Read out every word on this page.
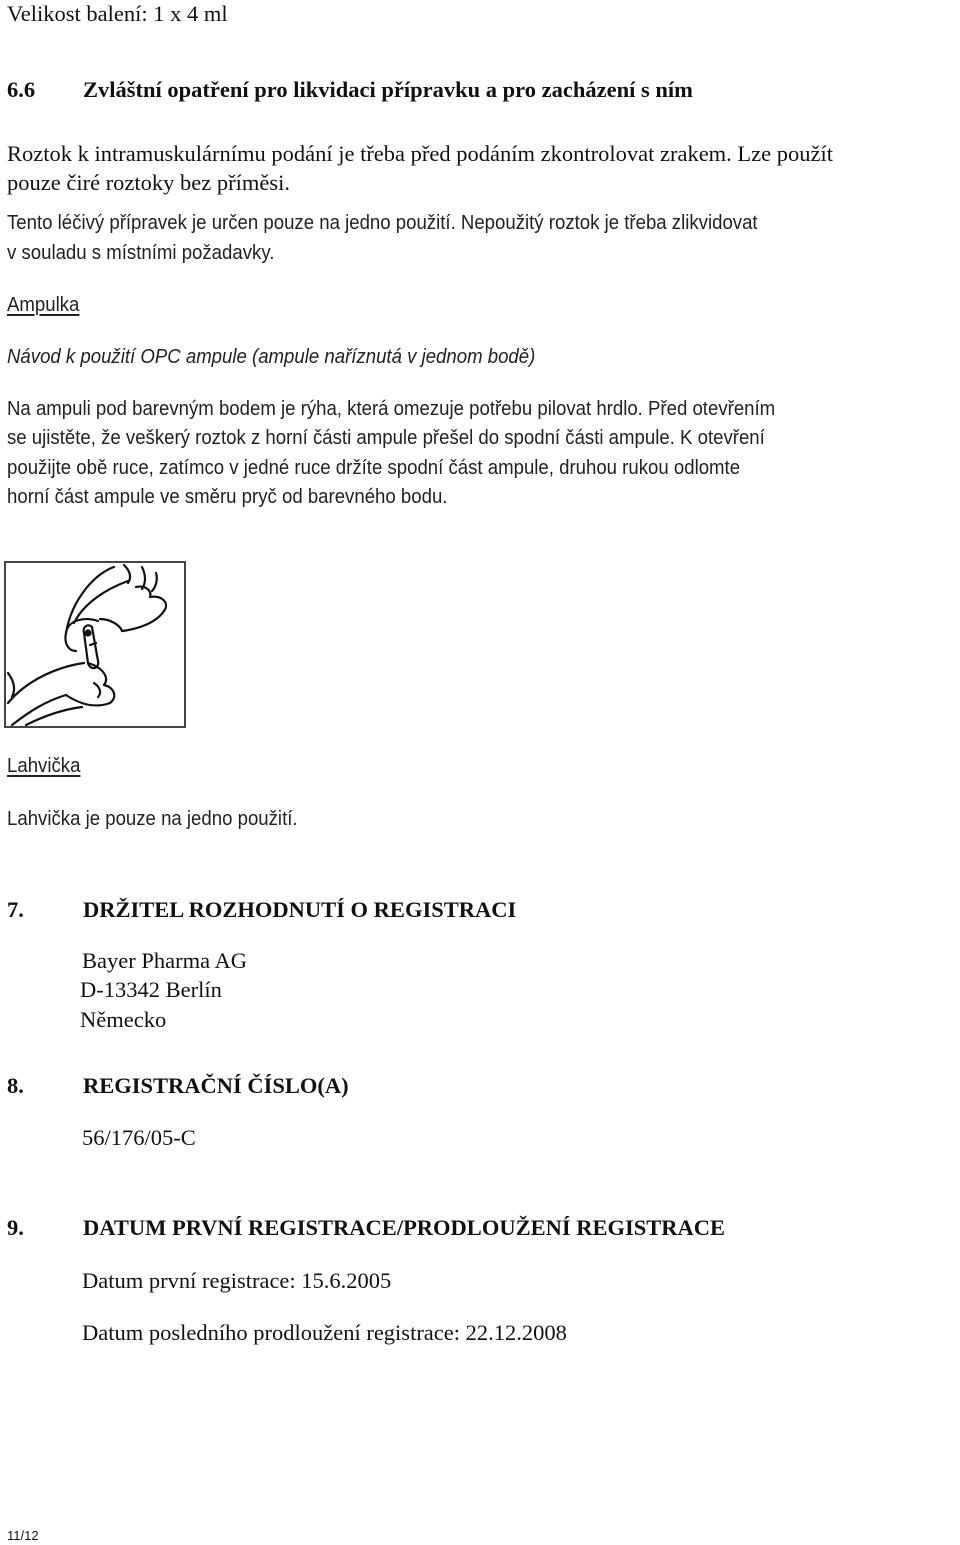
Velikost balení: 1 x 4 ml
6.6 Zvláštní opatření pro likvidaci přípravku a pro zacházení s ním
Roztok k intramuskulárnímu podání je třeba před podáním zkontrolovat zrakem. Lze použít
pouze čiré roztoky bez příměsi.
Tento léčivý přípravek je určen pouze na jedno použití. Nepoužitý roztok je třeba zlikvidovat
v souladu s místními požadavky.
Ampulka
Návod k použití OPC ampule (ampule naříznutá v jednom bodě)
Na ampuli pod barevným bodem je rýha, která omezuje potřebu pilovat hrdlo. Před otevřením
se ujistěte, že veškerý roztok z horní části ampule přešel do spodní části ampule. K otevření
použijte obě ruce, zatímco v jedné ruce držíte spodní část ampule, druhou rukou odlomte
horní část ampule ve směru pryč od barevného bodu.
Lahvička
Lahvička je pouze na jedno použití.
7.	DRŽITEL ROZHODNUTÍ O REGISTRACI
Bayer Pharma AG
D-13342 Berlín
Německo
8.	REGISTRAČNÍ ČÍSLO(A)
56/176/05-C
9.	DATUM PRVNÍ REGISTRACE/PRODLOUŽENÍ REGISTRACE
Datum první registrace: 15.6.2005
Datum posledního prodloužení registrace: 22.12.2008
11/12
